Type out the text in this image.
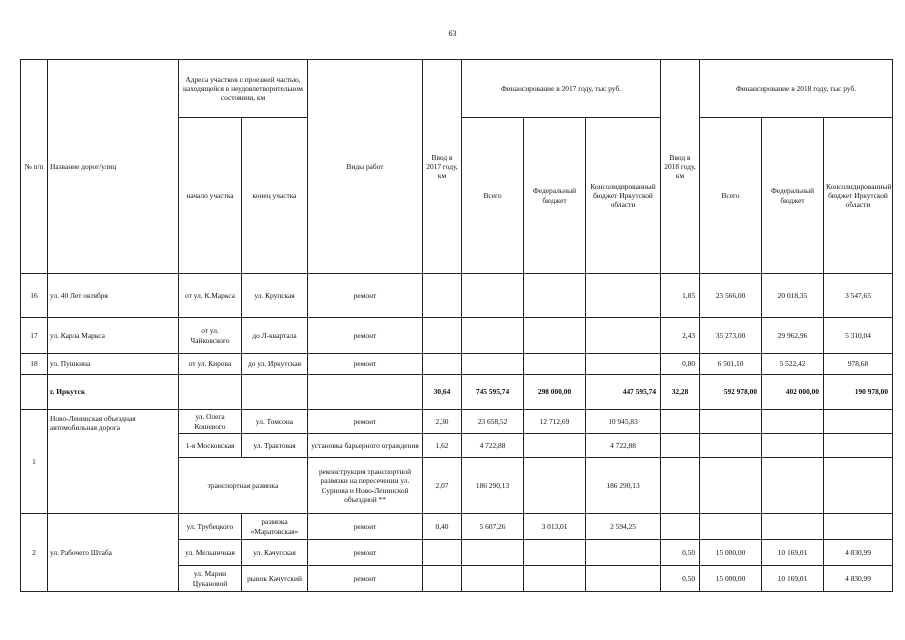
63
№ п/п	Название дорог/улиц	Адреса участков с проезжей частью, находящейся в неудовлетворительном состоянии, км		Виды работ	Ввод в 2017 году, км	Финансирование в 2017 году, тыс руб.			Ввод в 2018 году, км	Финансирование в 2018 году, тыс руб.		
		начало участка	конец участка			Всего	Федеральный бюджет	Консолидированный бюджет Иркутской области		Всего	Федеральный бюджет	Консолидированный бюджет Иркутской области
16	ул. 40 Лет октября	от ул. К.Маркса	ул. Крупская	ремонт					1,85	23 566,00	20 018,35	3 547,65
17	ул. Карла Маркса	от ул. Чайковского	до Л-квартала	ремонт					2,43	35 273,00	29 962,96	5 310,04
18	ул. Пушкина	от ул. Кирова	до ул. Иркутская	ремонт					0,80	6 501,10	5 522,42	978,68
	г. Иркутск				30,64	745 595,74	298 000,00	447 595,74	32,28	592 978,00	402 000,00	190 978,00
1	Ново-Ленинская объездная автомобильная дорога	ул. Олега Кошевого	ул. Томсона	ремонт	2,30	23 658,52	12 712,69	10 945,83				
		1-я Московская	ул. Трактовая	установка барьерного ограждения	1,62	4 722,88		4 722,88				
		транспортная развязка		реконструкция транспортной развязки на пересечении ул. Сурнова и Ново-Ленинской объездной **	2,07	186 290,13		186 290,13				
2	ул. Рабочего Штаба	ул. Трубецкого	развязка «Маратовская»	ремонт	0,40	5 607,26	3 013,01	2 594,25				
		ул. Мельничная	ул. Качугская	ремонт					0,50	15 000,00	10 169,01	4 830,99
		ул. Марии Цукановой	рынок Качугский	ремонт					0,50	15 000,00	10 169,01	4 830,99
